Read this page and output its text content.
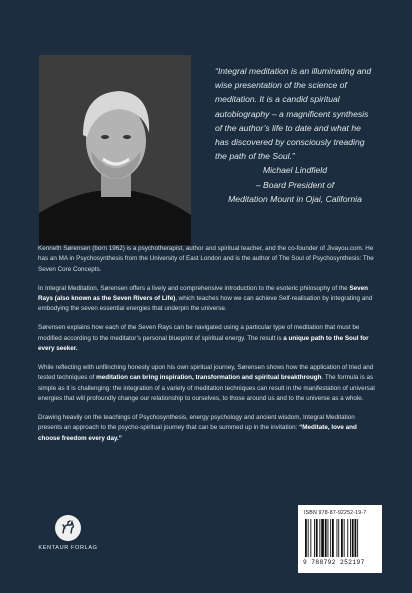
“Integral meditation is an illuminating and wise presentation of the science of meditation. It is a candid spiritual autobiography – a magnificent synthesis of the author’s life to date and what he has discovered by consciously treading the path of the Soul.”

Michael Lindfield

– Board President of

Meditation Mount in Ojai, California

Kenneth Sørensen (born 1962) is a psychotherapist, author and spiritual teacher, and the co-founder of Jivayou.com. He has an MA in Psychosynthesis from the University of East London and is the author of The Soul of Psychosynthesis: The Seven Core Concepts.

In Integral Meditation, Sørensen offers a lively and comprehensive introduction to the esoteric philosophy of the Seven Rays (also known as the Seven Rivers of Life), which teaches how we can achieve Self-realisation by integrating and embodying the seven essential energies that underpin the universe.

Sørensen explains how each of the Seven Rays can be navigated using a particular type of meditation that must be modified according to the meditator’s personal blueprint of spiritual energy. The result is a unique path to the Soul for every seeker.

While reflecting with unflinching honesty upon his own spiritual journey, Sørensen shows how the application of tried and tested techniques of meditation can bring inspiration, transformation and spiritual breakthrough. The formula is as simple as it is challenging: the integration of a variety of meditation techniques can result in the manifestation of universal energies that will profoundly change our relationship to ourselves, to those around us and to the universe as a whole.

Drawing heavily on the teachings of Psychosynthesis, energy psychology and ancient wisdom, Integral Meditation presents an approach to the psycho-spiritual journey that can be summed up in the invitation: “Meditate, love and choose freedom every day.”

KENTAUR FORLAG
ISBN 978-87-92252-19-7
9 788792 252197
